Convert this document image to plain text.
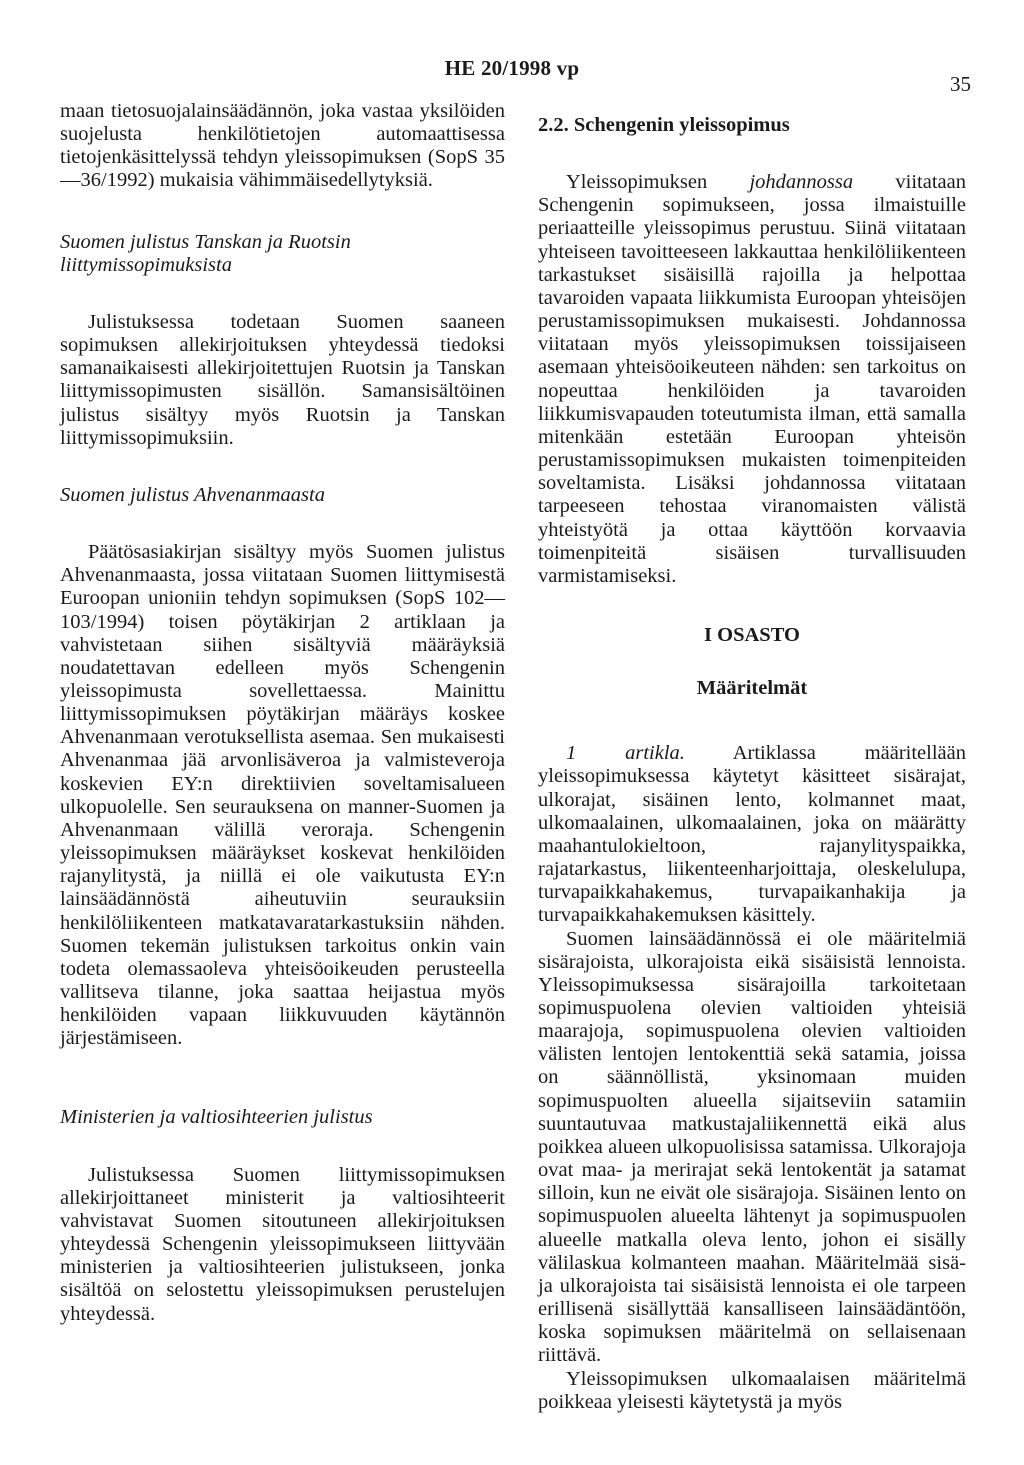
HE 20/1998 vp
35

maan tietosuojalainsäädännön, joka vastaa yksilöiden suojelusta henkilötietojen automaattisessa tietojenkäsittelyssä tehdyn yleissopimuksen (SopS 35—36/1992) mukaisia vähimmäisedellytyksiä.

Suomen julistus Tanskan ja Ruotsin liittymissopimuksista

Julistuksessa todetaan Suomen saaneen sopimuksen allekirjoituksen yhteydessä tiedoksi samanaikaisesti allekirjoitettujen Ruotsin ja Tanskan liittymissopimusten sisällön. Samansisältöinen julistus sisältyy myös Ruotsin ja Tanskan liittymissopimuksiin.

Suomen julistus Ahvenanmaasta

Päätösasiakirjan sisältyy myös Suomen julistus Ahvenanmaasta, jossa viitataan Suomen liittymisestä Euroopan unioniin tehdyn sopimuksen (SopS 102—103/1994) toisen pöytäkirjan 2 artiklaan ja vahvistetaan siihen sisältyviä määräyksiä noudatettavan edelleen myös Schengenin yleissopimusta sovellettaessa. Mainittu liittymissopimuksen pöytäkirjan määräys koskee Ahvenanmaan verotuksellista asemaa. Sen mukaisesti Ahvenanmaa jää arvonlisäveroa ja valmisteveroja koskevien EY:n direktiivien soveltamisalueen ulkopuolelle. Sen seurauksena on manner-Suomen ja Ahvenanmaan välillä veroraja. Schengenin yleissopimuksen määräykset koskevat henkilöiden rajanylitystä, ja niillä ei ole vaikutusta EY:n lainsäädännöstä aiheutuviin seurauksiin henkilöliikenteen matkatavaratarkastuksiin nähden. Suomen tekemän julistuksen tarkoitus onkin vain todeta olemassaoleva yhteisöoikeuden perusteella vallitseva tilanne, joka saattaa heijastua myös henkilöiden vapaan liikkuvuuden käytännön järjestämiseen.

Ministerien ja valtiosihteerien julistus

Julistuksessa Suomen liittymissopimuksen allekirjoittaneet ministerit ja valtiosihteerit vahvistavat Suomen sitoutuneen allekirjoituksen yhteydessä Schengenin yleissopimukseen liittyvään ministerien ja valtiosihteerien julistukseen, jonka sisältöä on selostettu yleissopimuksen perustelujen yhteydessä.

2.2. Schengenin yleissopimus

Yleissopimuksen johdannossa viitataan Schengenin sopimukseen, jossa ilmaistuille periaatteille yleissopimus perustuu. Siinä viitataan yhteiseen tavoitteeseen lakkauttaa henkilöliikenteen tarkastukset sisäisillä rajoilla ja helpottaa tavaroiden vapaata liikkumista Euroopan yhteisöjen perustamissopimuksen mukaisesti. Johdannossa viitataan myös yleissopimuksen toissijaiseen asemaan yhteisöoikeuteen nähden: sen tarkoitus on nopeuttaa henkilöiden ja tavaroiden liikkumisvapauden toteutumista ilman, että samalla mitenkään estetään Euroopan yhteisön perustamissopimuksen mukaisten toimenpiteiden soveltamista. Lisäksi johdannossa viitataan tarpeeseen tehostaa viranomaisten välistä yhteistyötä ja ottaa käyttöön korvaavia toimenpiteitä sisäisen turvallisuuden varmistamiseksi.

I OSASTO

Määritelmät

1 artikla. Artiklassa määritellään yleissopimuksessa käytetyt käsitteet sisärajat, ulkorajat, sisäinen lento, kolmannet maat, ulkomaalainen, ulkomaalainen, joka on määrätty maahantulokieltoon, rajanylityspaikka, rajatarkastus, liikenteenharjoittaja, oleskelulupa, turvapaikkahakemus, turvapaikanhakija ja turvapaikkahakemuksen käsittely.

Suomen lainsäädännössä ei ole määritelmiä sisärajoista, ulkorajoista eikä sisäisistä lennoista. Yleissopimuksessa sisärajoilla tarkoitetaan sopimuspuolena olevien valtioiden yhteisiä maarajoja, sopimuspuolena olevien valtioiden välisten lentojen lentokenttiä sekä satamia, joissa on säännöllistä, yksinomaan muiden sopimuspuolten alueella sijaitseviin satamiin suuntautuvaa matkustajaliikennettä eikä alus poikkea alueen ulkopuolisissa satamissa. Ulkorajoja ovat maa- ja merirajat sekä lentokentät ja satamat silloin, kun ne eivät ole sisärajoja. Sisäinen lento on sopimuspuolen alueelta lähtenyt ja sopimuspuolen alueelle matkalla oleva lento, johon ei sisälly välilaskua kolmanteen maahan. Määritelmää sisä- ja ulkorajoista tai sisäisistä lennoista ei ole tarpeen erillisenä sisällyttää kansalliseen lainsäädäntöön, koska sopimuksen määritelmä on sellaisenaan riittävä.

Yleissopimuksen ulkomaalaisen määritelmä poikkeaa yleisesti käytetystä ja myös
